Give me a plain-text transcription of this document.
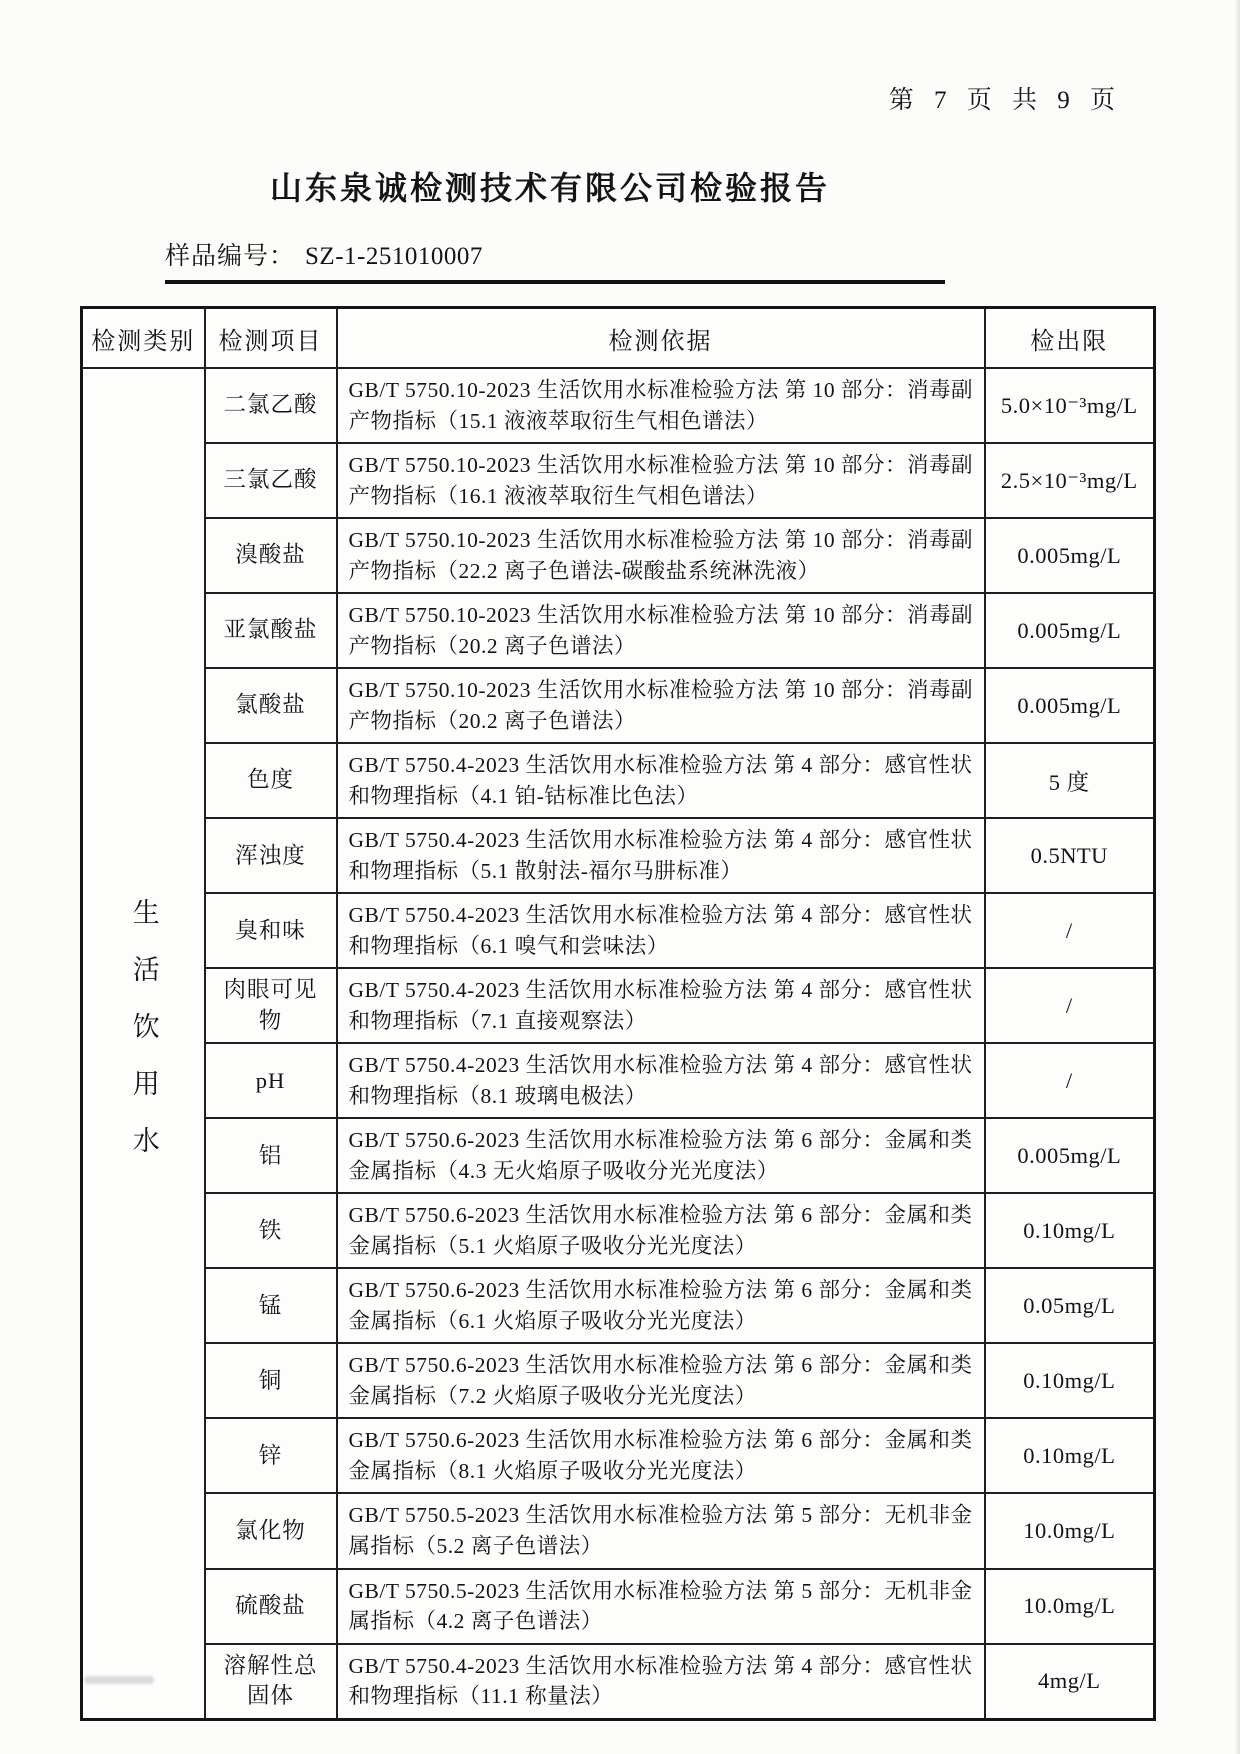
第 7 页 共 9 页
山东泉诚检测技术有限公司检验报告
样品编号： SZ-1-251010007
检测类别	检测项目	检测依据	检出限
生活饮用水	二氯乙酸	GB/T 5750.10-2023 生活饮用水标准检验方法 第 10 部分：消毒副产物指标（15.1 液液萃取衍生气相色谱法）	5.0×10⁻³mg/L
	三氯乙酸	GB/T 5750.10-2023 生活饮用水标准检验方法 第 10 部分：消毒副产物指标（16.1 液液萃取衍生气相色谱法）	2.5×10⁻³mg/L
	溴酸盐	GB/T 5750.10-2023 生活饮用水标准检验方法 第 10 部分：消毒副产物指标（22.2 离子色谱法-碳酸盐系统淋洗液）	0.005mg/L
	亚氯酸盐	GB/T 5750.10-2023 生活饮用水标准检验方法 第 10 部分：消毒副产物指标（20.2 离子色谱法）	0.005mg/L
	氯酸盐	GB/T 5750.10-2023 生活饮用水标准检验方法 第 10 部分：消毒副产物指标（20.2 离子色谱法）	0.005mg/L
	色度	GB/T 5750.4-2023 生活饮用水标准检验方法 第 4 部分：感官性状和物理指标（4.1 铂-钴标准比色法）	5 度
	浑浊度	GB/T 5750.4-2023 生活饮用水标准检验方法 第 4 部分：感官性状和物理指标（5.1 散射法-福尔马肼标准）	0.5NTU
	臭和味	GB/T 5750.4-2023 生活饮用水标准检验方法 第 4 部分：感官性状和物理指标（6.1 嗅气和尝味法）	/
	肉眼可见物	GB/T 5750.4-2023 生活饮用水标准检验方法 第 4 部分：感官性状和物理指标（7.1 直接观察法）	/
	pH	GB/T 5750.4-2023 生活饮用水标准检验方法 第 4 部分：感官性状和物理指标（8.1 玻璃电极法）	/
	铝	GB/T 5750.6-2023 生活饮用水标准检验方法 第 6 部分：金属和类金属指标（4.3 无火焰原子吸收分光光度法）	0.005mg/L
	铁	GB/T 5750.6-2023 生活饮用水标准检验方法 第 6 部分：金属和类金属指标（5.1 火焰原子吸收分光光度法）	0.10mg/L
	锰	GB/T 5750.6-2023 生活饮用水标准检验方法 第 6 部分：金属和类金属指标（6.1 火焰原子吸收分光光度法）	0.05mg/L
	铜	GB/T 5750.6-2023 生活饮用水标准检验方法 第 6 部分：金属和类金属指标（7.2 火焰原子吸收分光光度法）	0.10mg/L
	锌	GB/T 5750.6-2023 生活饮用水标准检验方法 第 6 部分：金属和类金属指标（8.1 火焰原子吸收分光光度法）	0.10mg/L
	氯化物	GB/T 5750.5-2023 生活饮用水标准检验方法 第 5 部分：无机非金属指标（5.2 离子色谱法）	10.0mg/L
	硫酸盐	GB/T 5750.5-2023 生活饮用水标准检验方法 第 5 部分：无机非金属指标（4.2 离子色谱法）	10.0mg/L
	溶解性总固体	GB/T 5750.4-2023 生活饮用水标准检验方法 第 4 部分：感官性状和物理指标（11.1 称量法）	4mg/L
